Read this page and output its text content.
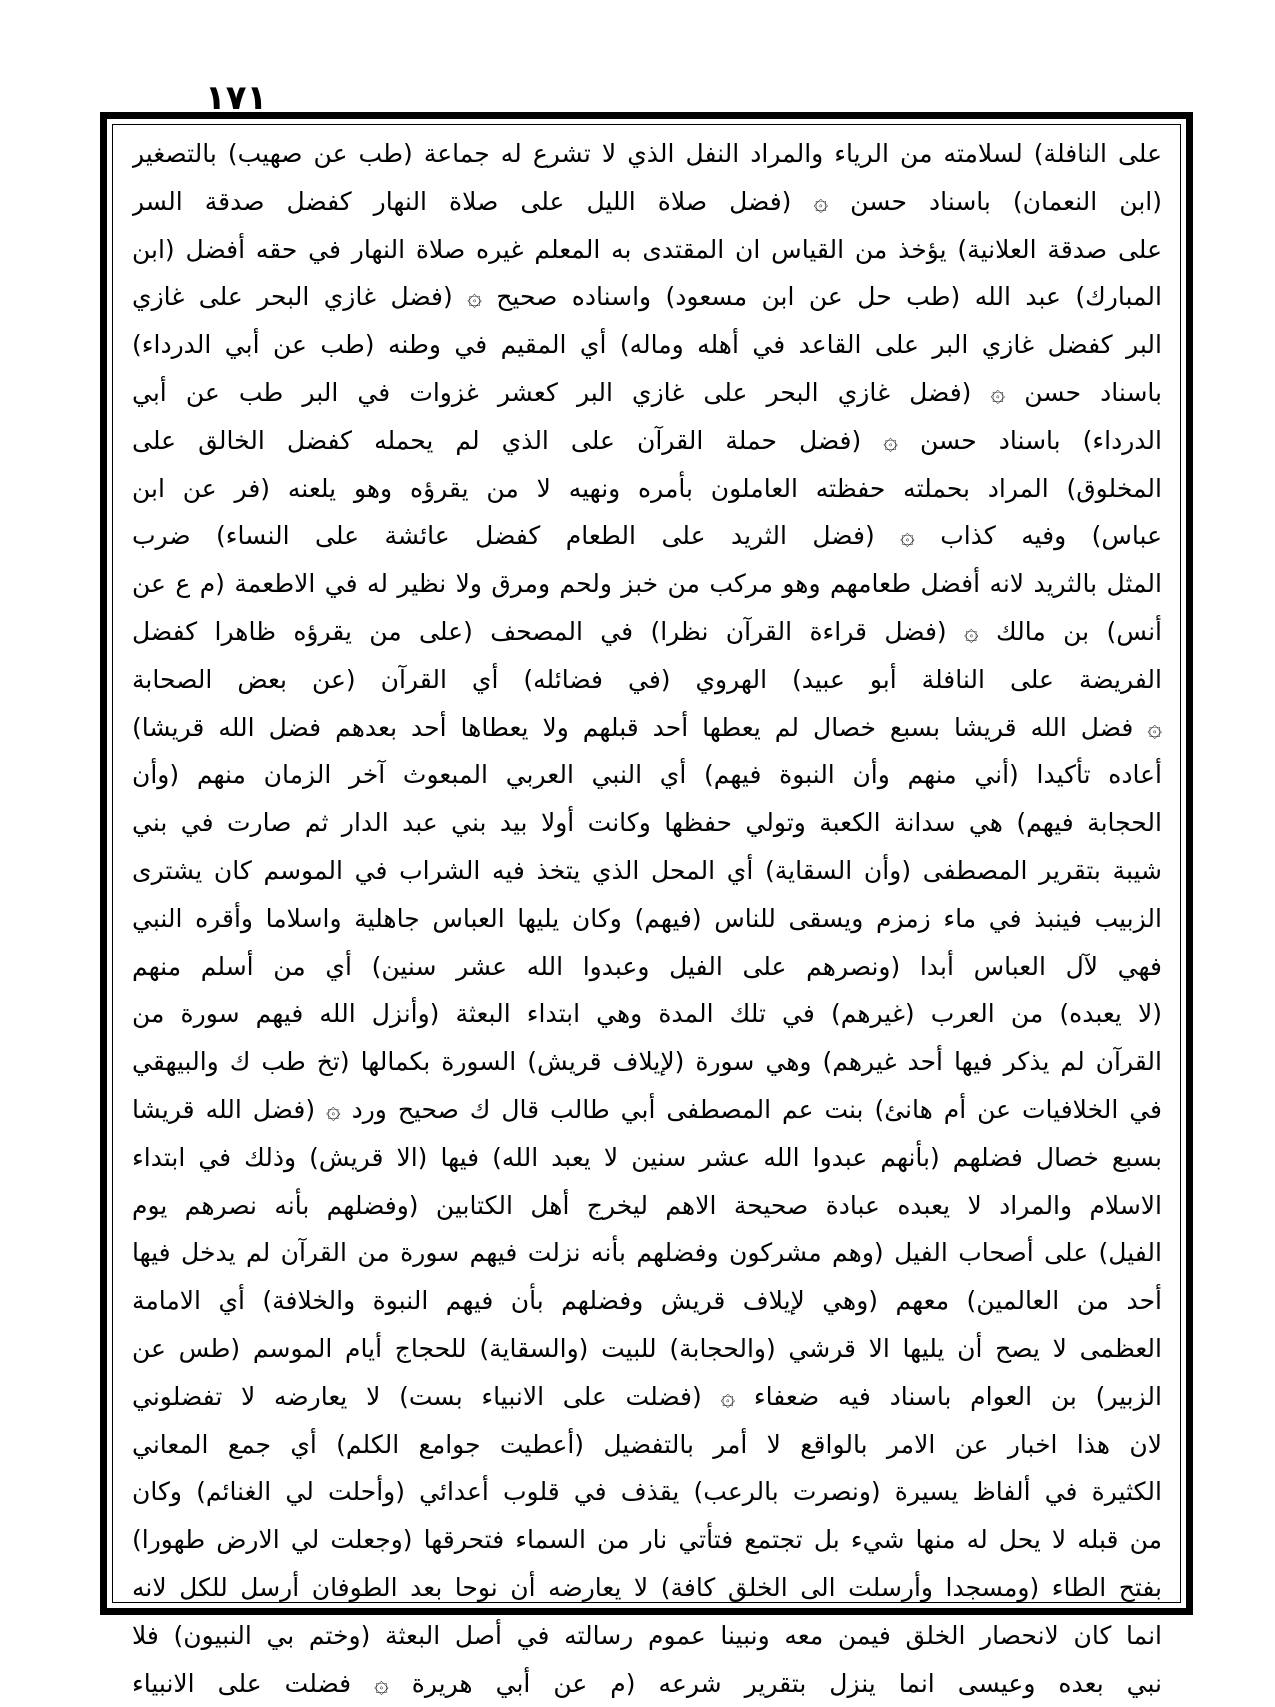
١٧١
على النافلة) لسلامته من الرياء والمراد النفل الذي لا تشرع له جماعة (طب عن صهيب) بالتصغير
(ابن النعمان) باسناد حسن ۞ (فضل صلاة الليل على صلاة النهار كفضل صدقة السر
على صدقة العلانية) يؤخذ من القياس ان المقتدى به المعلم غيره صلاة النهار في حقه أفضل (ابن
المبارك) عبد الله (طب حل عن ابن مسعود) واسناده صحيح ۞ (فضل غازي البحر على غازي
البر كفضل غازي البر على القاعد في أهله وماله) أي المقيم في وطنه (طب عن أبي الدرداء)
باسناد حسن ۞ (فضل غازي البحر على غازي البر كعشر غزوات في البر طب عن أبي
الدرداء) باسناد حسن ۞ (فضل حملة القرآن على الذي لم يحمله كفضل الخالق على
المخلوق) المراد بحملته حفظته العاملون بأمره ونهيه لا من يقرؤه وهو يلعنه (فر عن ابن
عباس) وفيه كذاب ۞ (فضل الثريد على الطعام كفضل عائشة على النساء) ضرب
المثل بالثريد لانه أفضل طعامهم وهو مركب من خبز ولحم ومرق ولا نظير له في الاطعمة (م ع عن
أنس) بن مالك ۞ (فضل قراءة القرآن نظرا) في المصحف (على من يقرؤه ظاهرا كفضل
الفريضة على النافلة أبو عبيد) الهروي (في فضائله) أي القرآن (عن بعض الصحابة
۞ فضل الله قريشا بسبع خصال لم يعطها أحد قبلهم ولا يعطاها أحد بعدهم فضل الله قريشا)
أعاده تأكيدا (أني منهم وأن النبوة فيهم) أي النبي العربي المبعوث آخر الزمان منهم (وأن
الحجابة فيهم) هي سدانة الكعبة وتولي حفظها وكانت أولا بيد بني عبد الدار ثم صارت في بني
شيبة بتقرير المصطفى (وأن السقاية) أي المحل الذي يتخذ فيه الشراب في الموسم كان يشترى
الزبيب فينبذ في ماء زمزم ويسقى للناس (فيهم) وكان يليها العباس جاهلية واسلاما وأقره النبي
فهي لآل العباس أبدا (ونصرهم على الفيل وعبدوا الله عشر سنين) أي من أسلم منهم
(لا يعبده) من العرب (غيرهم) في تلك المدة وهي ابتداء البعثة (وأنزل الله فيهم سورة من
القرآن لم يذكر فيها أحد غيرهم) وهي سورة (لإيلاف قريش) السورة بكمالها (تخ طب ك والبيهقي
في الخلافيات عن أم هانئ) بنت عم المصطفى أبي طالب قال ك صحيح ورد ۞ (فضل الله قريشا
بسبع خصال فضلهم (بأنهم عبدوا الله عشر سنين لا يعبد الله) فيها (الا قريش) وذلك في ابتداء
الاسلام والمراد لا يعبده عبادة صحيحة الاهم ليخرج أهل الكتابين (وفضلهم بأنه نصرهم يوم
الفيل) على أصحاب الفيل (وهم مشركون وفضلهم بأنه نزلت فيهم سورة من القرآن لم يدخل فيها
أحد من العالمين) معهم (وهي لإيلاف قريش وفضلهم بأن فيهم النبوة والخلافة) أي الامامة
العظمى لا يصح أن يليها الا قرشي (والحجابة) للبيت (والسقاية) للحجاج أيام الموسم (طس عن
الزبير) بن العوام باسناد فيه ضعفاء ۞ (فضلت على الانبياء بست) لا يعارضه لا تفضلوني
لان هذا اخبار عن الامر بالواقع لا أمر بالتفضيل (أعطيت جوامع الكلم) أي جمع المعاني
الكثيرة في ألفاظ يسيرة (ونصرت بالرعب) يقذف في قلوب أعدائي (وأحلت لي الغنائم) وكان
من قبله لا يحل له منها شيء بل تجتمع فتأتي نار من السماء فتحرقها (وجعلت لي الارض طهورا)
بفتح الطاء (ومسجدا وأرسلت الى الخلق كافة) لا يعارضه أن نوحا بعد الطوفان أرسل للكل لانه
انما كان لانحصار الخلق فيمن معه ونبينا عموم رسالته في أصل البعثة (وختم بي النبيون) فلا
نبي بعده وعيسى انما ينزل بتقرير شرعه (م عن أبي هريرة ۞ فضلت على الانبياء
